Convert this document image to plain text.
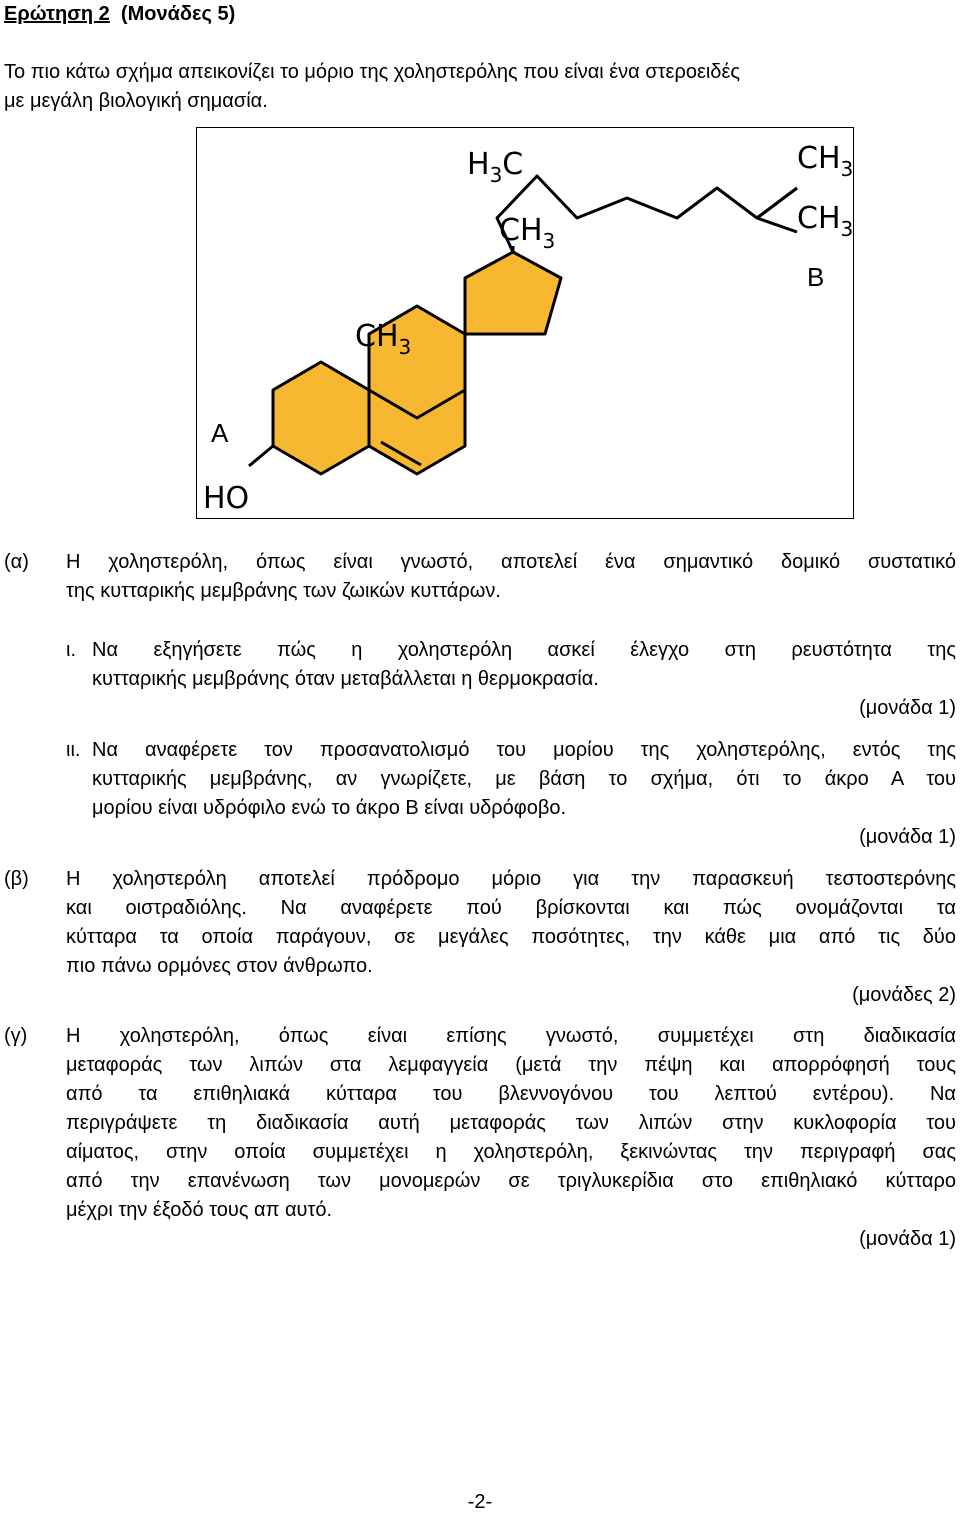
Ερώτηση 2 (Μονάδες 5)
Το πιο κάτω σχήμα απεικονίζει το μόριο της χοληστερόλης που είναι ένα στεροειδές
με μεγάλη βιολογική σημασία.
HO
$CH_3$
$CH_3$
$H_3C$	$CH_3$
$CH_3$
A
B
(α) Η χοληστερόλη, όπως είναι γνωστό, αποτελεί ένα σημαντικό δομικό συστατικό
της κυτταρικής μεμβράνης των ζωικών κυττάρων.
ι. Να εξηγήσετε πώς η χοληστερόλη ασκεί έλεγχο στη ρευστότητα της
κυτταρικής μεμβράνης όταν μεταβάλλεται η θερμοκρασία.
(μονάδα 1)
ιι. Να αναφέρετε τον προσανατολισμό του μορίου της χοληστερόλης, εντός της
κυτταρικής μεμβράνης, αν γνωρίζετε, με βάση το σχήμα, ότι το άκρο Α του
μορίου είναι υδρόφιλο ενώ το άκρο Β είναι υδρόφοβο.
(μονάδα 1)
(β) Η χοληστερόλη αποτελεί πρόδρομο μόριο για την παρασκευή τεστοστερόνης
και οιστραδιόλης. Να αναφέρετε πού βρίσκονται και πώς ονομάζονται τα
κύτταρα τα οποία παράγουν, σε μεγάλες ποσότητες, την κάθε μια από τις δύο
πιο πάνω ορμόνες στον άνθρωπο.
(μονάδες 2)
(γ) Η χοληστερόλη, όπως είναι επίσης γνωστό, συμμετέχει στη διαδικασία
μεταφοράς των λιπών στα λεμφαγγεία (μετά την πέψη και απορρόφησή τους
από τα επιθηλιακά κύτταρα του βλεννογόνου του λεπτού εντέρου). Να
περιγράψετε τη διαδικασία αυτή μεταφοράς των λιπών στην κυκλοφορία του
αίματος, στην οποία συμμετέχει η χοληστερόλη, ξεκινώντας την περιγραφή σας
από την επανένωση των μονομερών σε τριγλυκερίδια στο επιθηλιακό κύτταρο
μέχρι την έξοδό τους απ αυτό.
(μονάδα 1)
-2-
